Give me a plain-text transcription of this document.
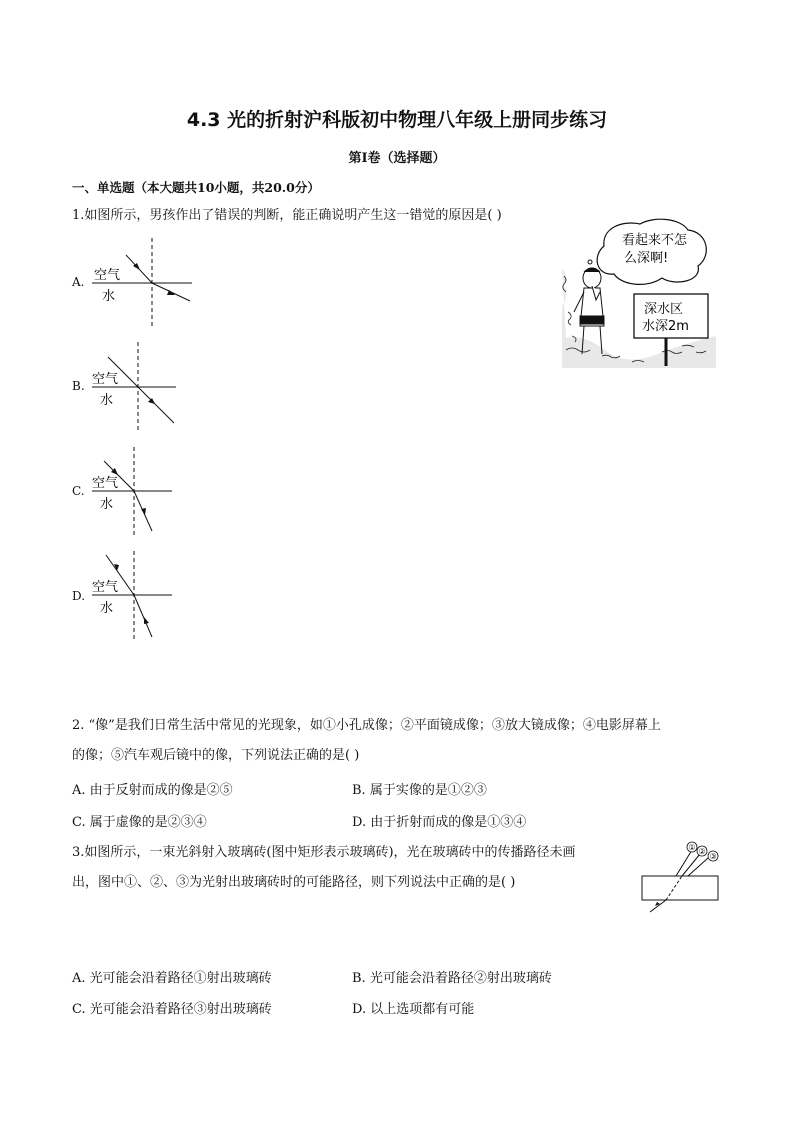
4.3 光的折射沪科版初中物理八年级上册同步练习
第I卷（选择题）
一、单选题（本大题共10小题，共20.0分）
1.如图所示，男孩作出了错误的判断，能正确说明产生这一错觉的原因是( )
A. 空气
水
B. 空气
水
C. 空气
水
D.
空气
水
看起来不怎
么深啊!
深水区
水深2m
2. “像”是我们日常生活中常见的光现象，如①小孔成像；②平面镜成像；③放大镜成像；④电影屏幕上
的像；⑤汽车观后镜中的像，下列说法正确的是( )
A. 由于反射而成的像是②⑤	B. 属于实像的是①②③
C. 属于虚像的是②③④	D. 由于折射而成的像是①③④
3.如图所示，一束光斜射入玻璃砖(图中矩形表示玻璃砖)，光在玻璃砖中的传播路径未画
出，图中①、②、③为光射出玻璃砖时的可能路径，则下列说法中正确的是( )
① ②
③
A. 光可能会沿着路径①射出玻璃砖	B. 光可能会沿着路径②射出玻璃砖
C. 光可能会沿着路径③射出玻璃砖	D. 以上选项都有可能
